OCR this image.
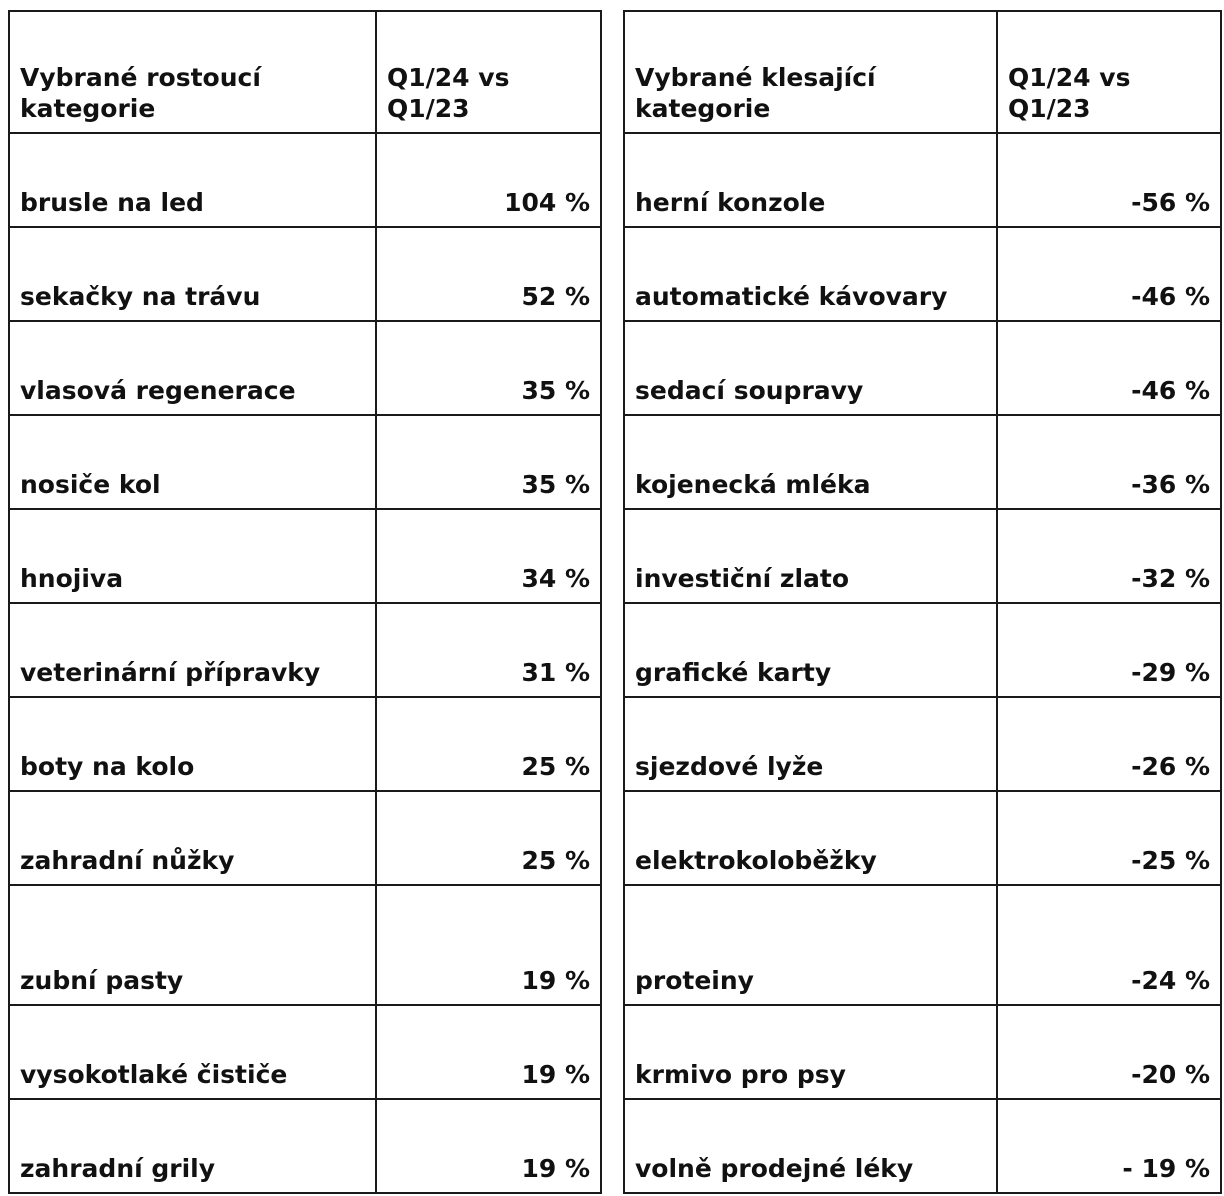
Vybrané rostoucí kategorie	Q1/24 vs Q1/23
brusle na led	104 %
sekačky na trávu	52 %
vlasová regenerace	35 %
nosiče kol	35 %
hnojiva	34 %
veterinární přípravky	31 %
boty na kolo	25 %
zahradní nůžky	25 %
zubní pasty	19 %
vysokotlaké čističe	19 %
zahradní grily	19 %
Vybrané klesající kategorie	Q1/24 vs Q1/23
herní konzole	-56 %
automatické kávovary	-46 %
sedací soupravy	-46 %
kojenecká mléka	-36 %
investiční zlato	-32 %
grafické karty	-29 %
sjezdové lyže	-26 %
elektrokoloběžky	-25 %
proteiny	-24 %
krmivo pro psy	-20 %
volně prodejné léky	- 19 %
